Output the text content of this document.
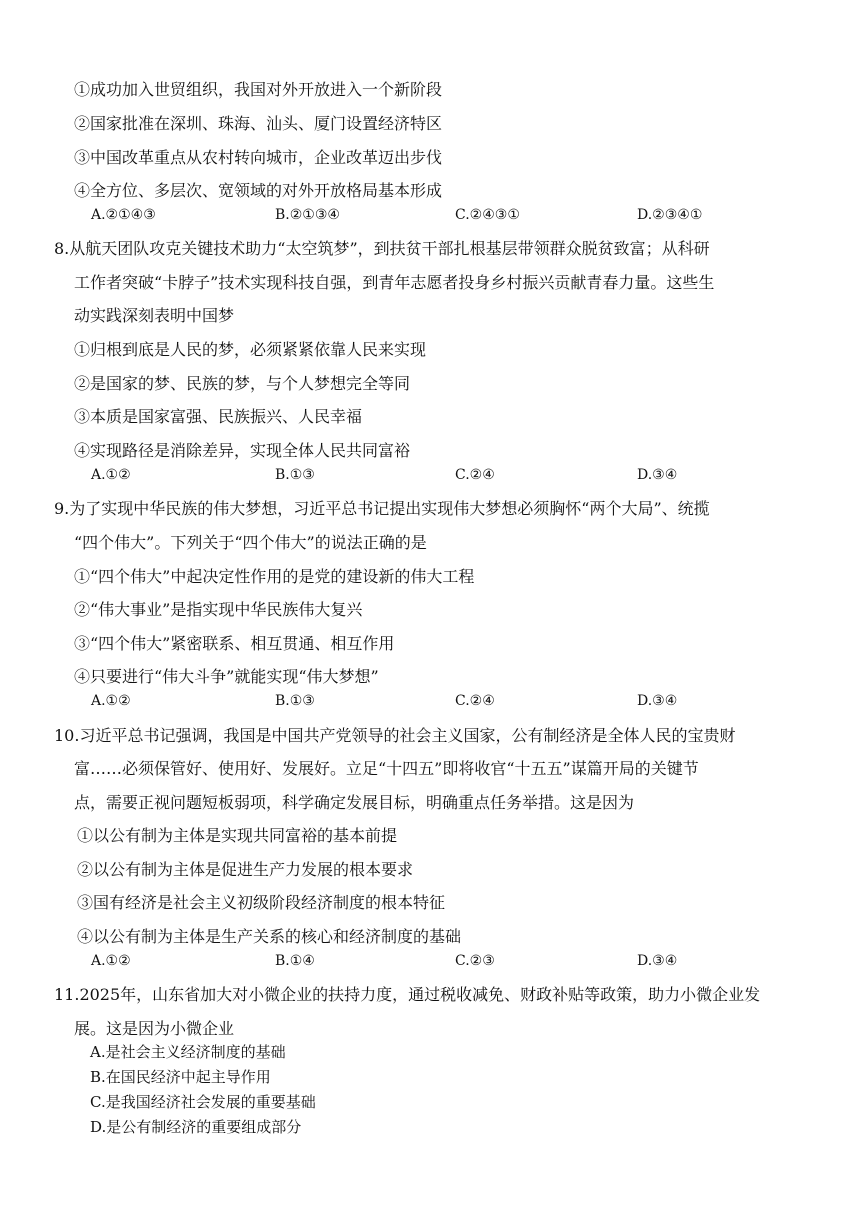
①成功加入世贸组织，我国对外开放进入一个新阶段
②国家批准在深圳、珠海、汕头、厦门设置经济特区
③中国改革重点从农村转向城市，企业改革迈出步伐
④全方位、多层次、宽领域的对外开放格局基本形成
A.②①④③	B.②①③④	C.②④③①	D.②③④①
8.从航天团队攻克关键技术助力“太空筑梦”，到扶贫干部扎根基层带领群众脱贫致富；从科研
工作者突破“卡脖子”技术实现科技自强，到青年志愿者投身乡村振兴贡献青春力量。这些生
动实践深刻表明中国梦
①归根到底是人民的梦，必须紧紧依靠人民来实现
②是国家的梦、民族的梦，与个人梦想完全等同
③本质是国家富强、民族振兴、人民幸福
④实现路径是消除差异，实现全体人民共同富裕
A.①②	B.①③	C.②④	D.③④
9.为了实现中华民族的伟大梦想，习近平总书记提出实现伟大梦想必须胸怀“两个大局”、统揽
“四个伟大”。下列关于“四个伟大”的说法正确的是
①“四个伟大”中起决定性作用的是党的建设新的伟大工程
②“伟大事业”是指实现中华民族伟大复兴
③“四个伟大”紧密联系、相互贯通、相互作用
④只要进行“伟大斗争”就能实现“伟大梦想”
A.①②	B.①③	C.②④	D.③④
10.习近平总书记强调，我国是中国共产党领导的社会主义国家，公有制经济是全体人民的宝贵财
富……必须保管好、使用好、发展好。立足“十四五”即将收官“十五五”谋篇开局的关键节
点，需要正视问题短板弱项，科学确定发展目标，明确重点任务举措。这是因为
①以公有制为主体是实现共同富裕的基本前提
②以公有制为主体是促进生产力发展的根本要求
③国有经济是社会主义初级阶段经济制度的根本特征
④以公有制为主体是生产关系的核心和经济制度的基础
A.①②	B.①④	C.②③	D.③④
11.2025年，山东省加大对小微企业的扶持力度，通过税收减免、财政补贴等政策，助力小微企业发
展。这是因为小微企业
A.是社会主义经济制度的基础
B.在国民经济中起主导作用
C.是我国经济社会发展的重要基础
D.是公有制经济的重要组成部分
